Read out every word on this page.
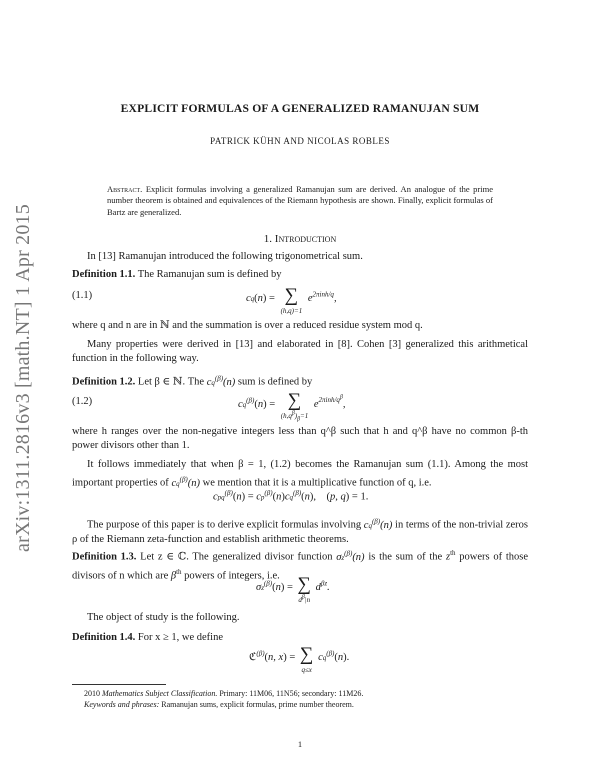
arXiv:1311.2816v3 [math.NT] 1 Apr 2015
EXPLICIT FORMULAS OF A GENERALIZED RAMANUJAN SUM
PATRICK KÜHN AND NICOLAS ROBLES
Abstract. Explicit formulas involving a generalized Ramanujan sum are derived. An analogue of the prime number theorem is obtained and equivalences of the Riemann hypothesis are shown. Finally, explicit formulas of Bartz are generalized.
1. Introduction
In [13] Ramanujan introduced the following trigonometrical sum.
Definition 1.1. The Ramanujan sum is defined by
(1.1)	cq(n) = ∑
(h,q)=1 $e^{2\pi inh/q}$,
where q and n are in ℕ and the summation is over a reduced residue system mod q.
Many properties were derived in [13] and elaborated in [8]. Cohen [3] generalized this arithmetical function in the following way.
Definition 1.2. Let β ∈ ℕ. The $cq^{(\beta)}(n)$ sum is defined by
(1.2)	$cq^{(\beta)}(n)$ = ∑
$(h,q^\beta)_\beta=1$ $e^{2\pi inh/q^\beta}$,
where h ranges over the non-negative integers less than q^β such that h and q^β have no common β-th power divisors other than 1.
It follows immediately that when β = 1, (1.2) becomes the Ramanujan sum (1.1). Among the most important properties of $cq^{(\beta)}(n)$ we mention that it is a multiplicative function of q, i.e.
$cpq^{(\beta)}(n) = cp^{(\beta)}(n)cq^{(\beta)}(n)$,    (p, q) = 1.
The purpose of this paper is to derive explicit formulas involving $cq^{(\beta)}(n)$ in terms of the non-trivial zeros ρ of the Riemann zeta-function and establish arithmetic theorems.
Definition 1.3. Let z ∈ ℂ. The generalized divisor function $\sigma z^{(\beta)}(n)$ is the sum of the $z^{th}$ powers of those divisors of n which are $\beta^{th}$ powers of integers, i.e.
$\sigma z^{(\beta)}(n)$ = ∑
$d^\beta|n$ $d^{\beta z}$.
The object of study is the following.
Definition 1.4. For x ≥ 1, we define
ℭ$^{(\beta)}$(n, x) = ∑
q≤x $cq^{(\beta)}(n)$.
2010 Mathematics Subject Classification. Primary: 11M06, 11N56; secondary: 11M26.
Keywords and phrases: Ramanujan sums, explicit formulas, prime number theorem.
1
